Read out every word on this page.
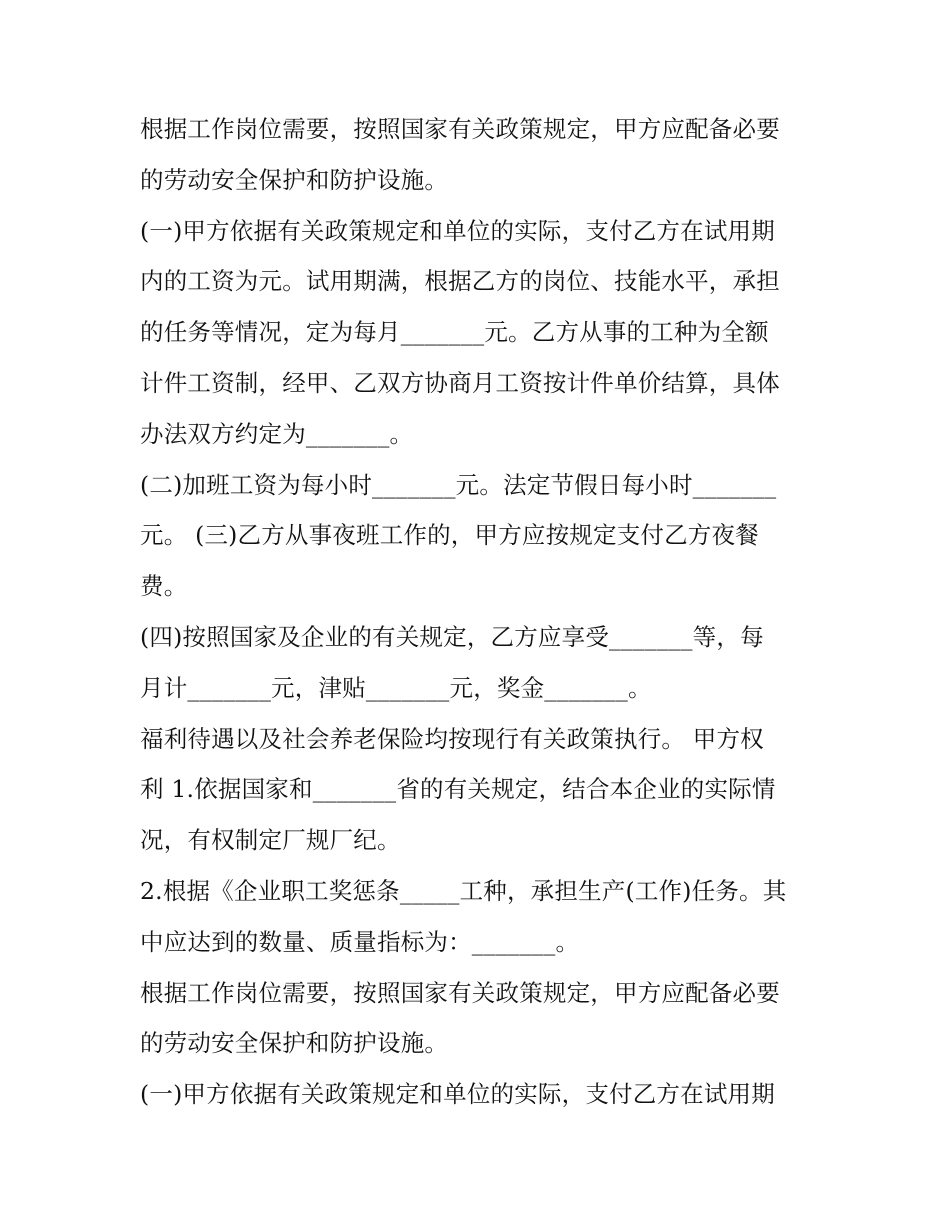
根据工作岗位需要，按照国家有关政策规定，甲方应配备必要
的劳动安全保护和防护设施。
(一)甲方依据有关政策规定和单位的实际，支付乙方在试用期
内的工资为元。试用期满，根据乙方的岗位、技能水平，承担
的任务等情况，定为每月_______元。乙方从事的工种为全额
计件工资制，经甲、乙双方协商月工资按计件单价结算，具体
办法双方约定为_______。
(二)加班工资为每小时_______元。法定节假日每小时_______
元。 (三)乙方从事夜班工作的，甲方应按规定支付乙方夜餐
费。
(四)按照国家及企业的有关规定，乙方应享受_______等，每
月计_______元，津贴_______元，奖金_______。
福利待遇以及社会养老保险均按现行有关政策执行。 甲方权
利 1.依据国家和_______省的有关规定，结合本企业的实际情
况，有权制定厂规厂纪。
2.根据《企业职工奖惩条_____工种，承担生产(工作)任务。其
中应达到的数量、质量指标为：_______。
根据工作岗位需要，按照国家有关政策规定，甲方应配备必要
的劳动安全保护和防护设施。
(一)甲方依据有关政策规定和单位的实际，支付乙方在试用期
